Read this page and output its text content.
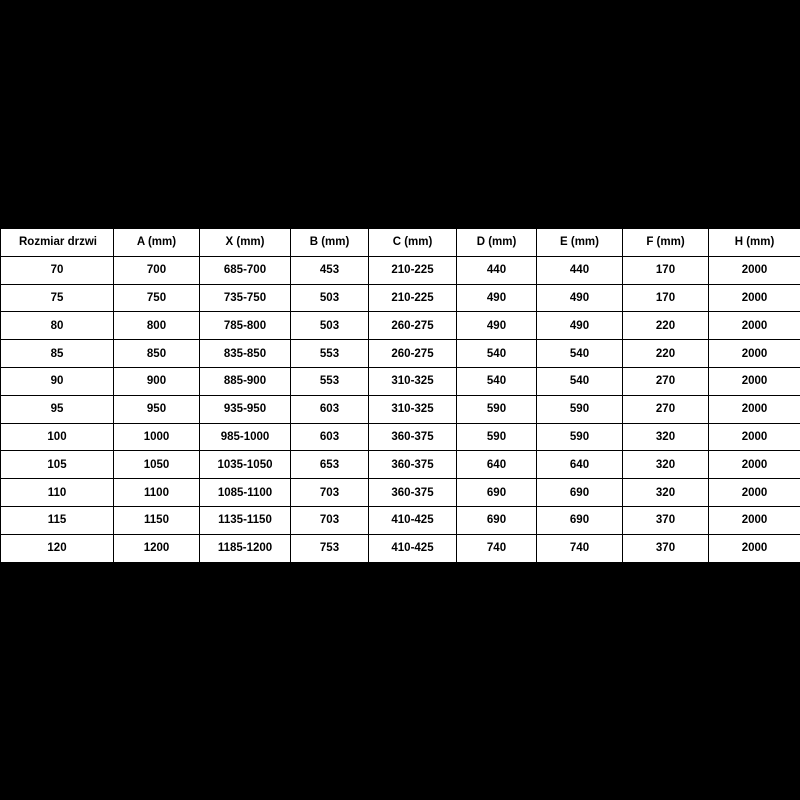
Rozmiar drzwi	A (mm)	X (mm)	B (mm)	C (mm)	D (mm)	E (mm)	F (mm)	H (mm)
70	700	685-700	453	210-225	440	440	170	2000
75	750	735-750	503	210-225	490	490	170	2000
80	800	785-800	503	260-275	490	490	220	2000
85	850	835-850	553	260-275	540	540	220	2000
90	900	885-900	553	310-325	540	540	270	2000
95	950	935-950	603	310-325	590	590	270	2000
100	1000	985-1000	603	360-375	590	590	320	2000
105	1050	1035-1050	653	360-375	640	640	320	2000
110	1100	1085-1100	703	360-375	690	690	320	2000
115	1150	1135-1150	703	410-425	690	690	370	2000
120	1200	1185-1200	753	410-425	740	740	370	2000
